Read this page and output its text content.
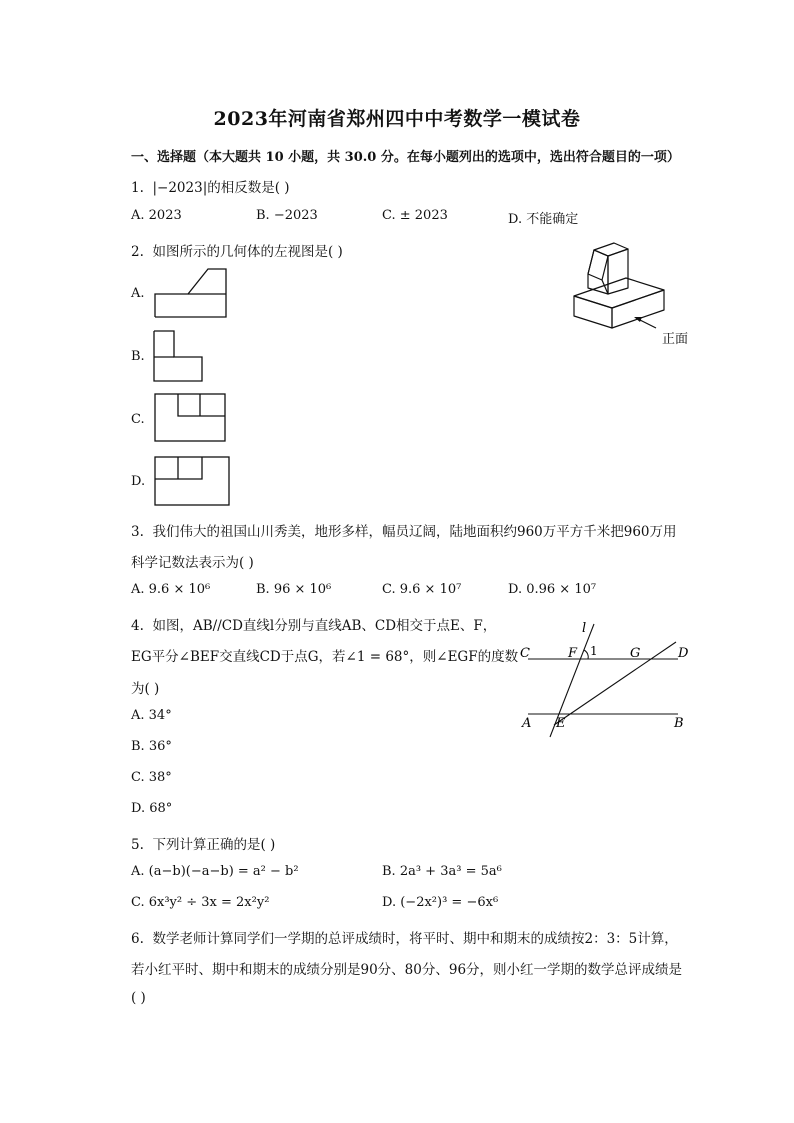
2023年河南省郑州四中中考数学一模试卷
一、选择题（本大题共 10 小题，共 30.0 分。在每小题列出的选项中，选出符合题目的一项）
1. |−2023|的相反数是( )
A. 2023	B. −2023	C. ± 2023	D. 不能确定
2. 如图所示的几何体的左视图是( )
A.
B.
C.
D.
正面
3. 我们伟大的祖国山川秀美，地形多样，幅员辽阔，陆地面积约960万平方千米把960万用
科学记数法表示为( )
A. 9.6 × 10⁶	B. 96 × 10⁶	C. 9.6 × 10⁷	D. 0.96 × 10⁷
4. 如图，AB//CD直线l分别与直线AB、CD相交于点E、F，
EG平分∠BEF交直线CD于点G，若∠1 = 68°，则∠EGF的度数
为( )
A. 34°
B. 36°
C. 38°
D. 68°
l
C	F 1 G	D
A E	B
5. 下列计算正确的是( )
A. (a−b)(−a−b) = a² − b²	B. 2a³ + 3a³ = 5a⁶
C. 6x³y² ÷ 3x = 2x²y²	D. (−2x²)³ = −6x⁶
6. 数学老师计算同学们一学期的总评成绩时，将平时、期中和期末的成绩按2：3：5计算，
若小红平时、期中和期末的成绩分别是90分、80分、96分，则小红一学期的数学总评成绩是
( )
